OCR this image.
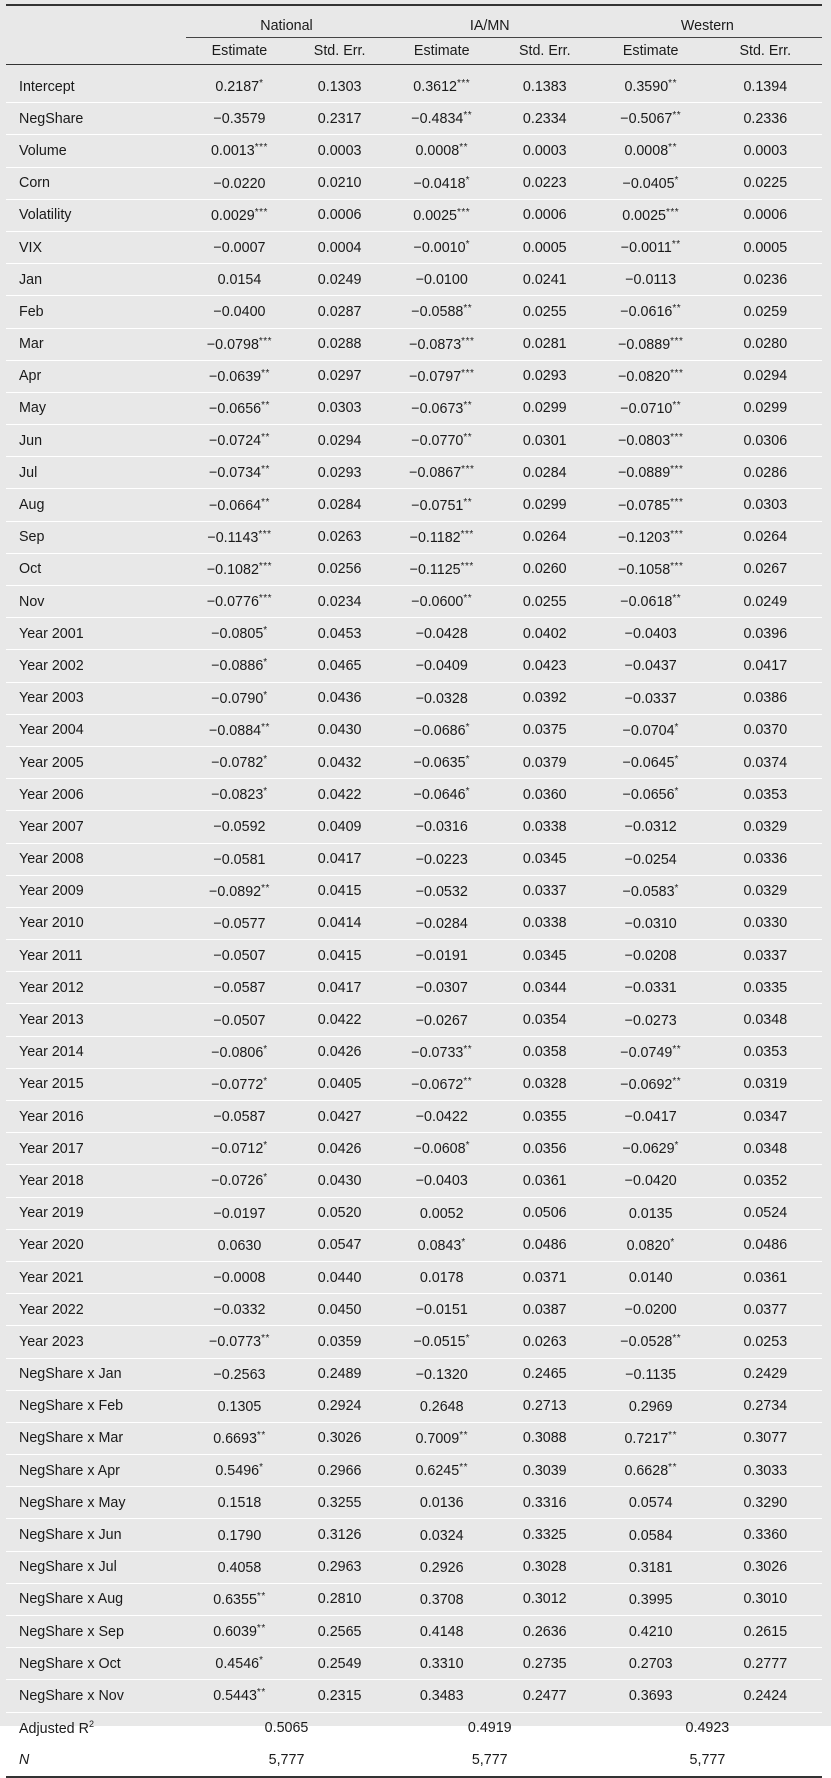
	National		IA/MN		Western	
	Estimate	Std. Err.	Estimate	Std. Err.	Estimate	Std. Err.

Intercept	0.2187*	0.1303	0.3612***	0.1383	0.3590**	0.1394
NegShare	−0.3579	0.2317	−0.4834**	0.2334	−0.5067**	0.2336
Volume	0.0013***	0.0003	0.0008**	0.0003	0.0008**	0.0003
Corn	−0.0220	0.0210	−0.0418*	0.0223	−0.0405*	0.0225
Volatility	0.0029***	0.0006	0.0025***	0.0006	0.0025***	0.0006
VIX	−0.0007	0.0004	−0.0010*	0.0005	−0.0011**	0.0005
Jan	0.0154	0.0249	−0.0100	0.0241	−0.0113	0.0236
Feb	−0.0400	0.0287	−0.0588**	0.0255	−0.0616**	0.0259
Mar	−0.0798***	0.0288	−0.0873***	0.0281	−0.0889***	0.0280
Apr	−0.0639**	0.0297	−0.0797***	0.0293	−0.0820***	0.0294
May	−0.0656**	0.0303	−0.0673**	0.0299	−0.0710**	0.0299
Jun	−0.0724**	0.0294	−0.0770**	0.0301	−0.0803***	0.0306
Jul	−0.0734**	0.0293	−0.0867***	0.0284	−0.0889***	0.0286
Aug	−0.0664**	0.0284	−0.0751**	0.0299	−0.0785***	0.0303
Sep	−0.1143***	0.0263	−0.1182***	0.0264	−0.1203***	0.0264
Oct	−0.1082***	0.0256	−0.1125***	0.0260	−0.1058***	0.0267
Nov	−0.0776***	0.0234	−0.0600**	0.0255	−0.0618**	0.0249
Year 2001	−0.0805*	0.0453	−0.0428	0.0402	−0.0403	0.0396
Year 2002	−0.0886*	0.0465	−0.0409	0.0423	−0.0437	0.0417
Year 2003	−0.0790*	0.0436	−0.0328	0.0392	−0.0337	0.0386
Year 2004	−0.0884**	0.0430	−0.0686*	0.0375	−0.0704*	0.0370
Year 2005	−0.0782*	0.0432	−0.0635*	0.0379	−0.0645*	0.0374
Year 2006	−0.0823*	0.0422	−0.0646*	0.0360	−0.0656*	0.0353
Year 2007	−0.0592	0.0409	−0.0316	0.0338	−0.0312	0.0329
Year 2008	−0.0581	0.0417	−0.0223	0.0345	−0.0254	0.0336
Year 2009	−0.0892**	0.0415	−0.0532	0.0337	−0.0583*	0.0329
Year 2010	−0.0577	0.0414	−0.0284	0.0338	−0.0310	0.0330
Year 2011	−0.0507	0.0415	−0.0191	0.0345	−0.0208	0.0337
Year 2012	−0.0587	0.0417	−0.0307	0.0344	−0.0331	0.0335
Year 2013	−0.0507	0.0422	−0.0267	0.0354	−0.0273	0.0348
Year 2014	−0.0806*	0.0426	−0.0733**	0.0358	−0.0749**	0.0353
Year 2015	−0.0772*	0.0405	−0.0672**	0.0328	−0.0692**	0.0319
Year 2016	−0.0587	0.0427	−0.0422	0.0355	−0.0417	0.0347
Year 2017	−0.0712*	0.0426	−0.0608*	0.0356	−0.0629*	0.0348
Year 2018	−0.0726*	0.0430	−0.0403	0.0361	−0.0420	0.0352
Year 2019	−0.0197	0.0520	0.0052	0.0506	0.0135	0.0524
Year 2020	0.0630	0.0547	0.0843*	0.0486	0.0820*	0.0486
Year 2021	−0.0008	0.0440	0.0178	0.0371	0.0140	0.0361
Year 2022	−0.0332	0.0450	−0.0151	0.0387	−0.0200	0.0377
Year 2023	−0.0773**	0.0359	−0.0515*	0.0263	−0.0528**	0.0253
NegShare x Jan	−0.2563	0.2489	−0.1320	0.2465	−0.1135	0.2429
NegShare x Feb	0.1305	0.2924	0.2648	0.2713	0.2969	0.2734
NegShare x Mar	0.6693**	0.3026	0.7009**	0.3088	0.7217**	0.3077
NegShare x Apr	0.5496*	0.2966	0.6245**	0.3039	0.6628**	0.3033
NegShare x May	0.1518	0.3255	0.0136	0.3316	0.0574	0.3290
NegShare x Jun	0.1790	0.3126	0.0324	0.3325	0.0584	0.3360
NegShare x Jul	0.4058	0.2963	0.2926	0.3028	0.3181	0.3026
NegShare x Aug	0.6355**	0.2810	0.3708	0.3012	0.3995	0.3010
NegShare x Sep	0.6039**	0.2565	0.4148	0.2636	0.4210	0.2615
NegShare x Oct	0.4546*	0.2549	0.3310	0.2735	0.2703	0.2777
NegShare x Nov	0.5443**	0.2315	0.3483	0.2477	0.3693	0.2424
Adjusted $R^2$	0.5065		0.4919		0.4923	
N	5,777		5,777		5,777	
